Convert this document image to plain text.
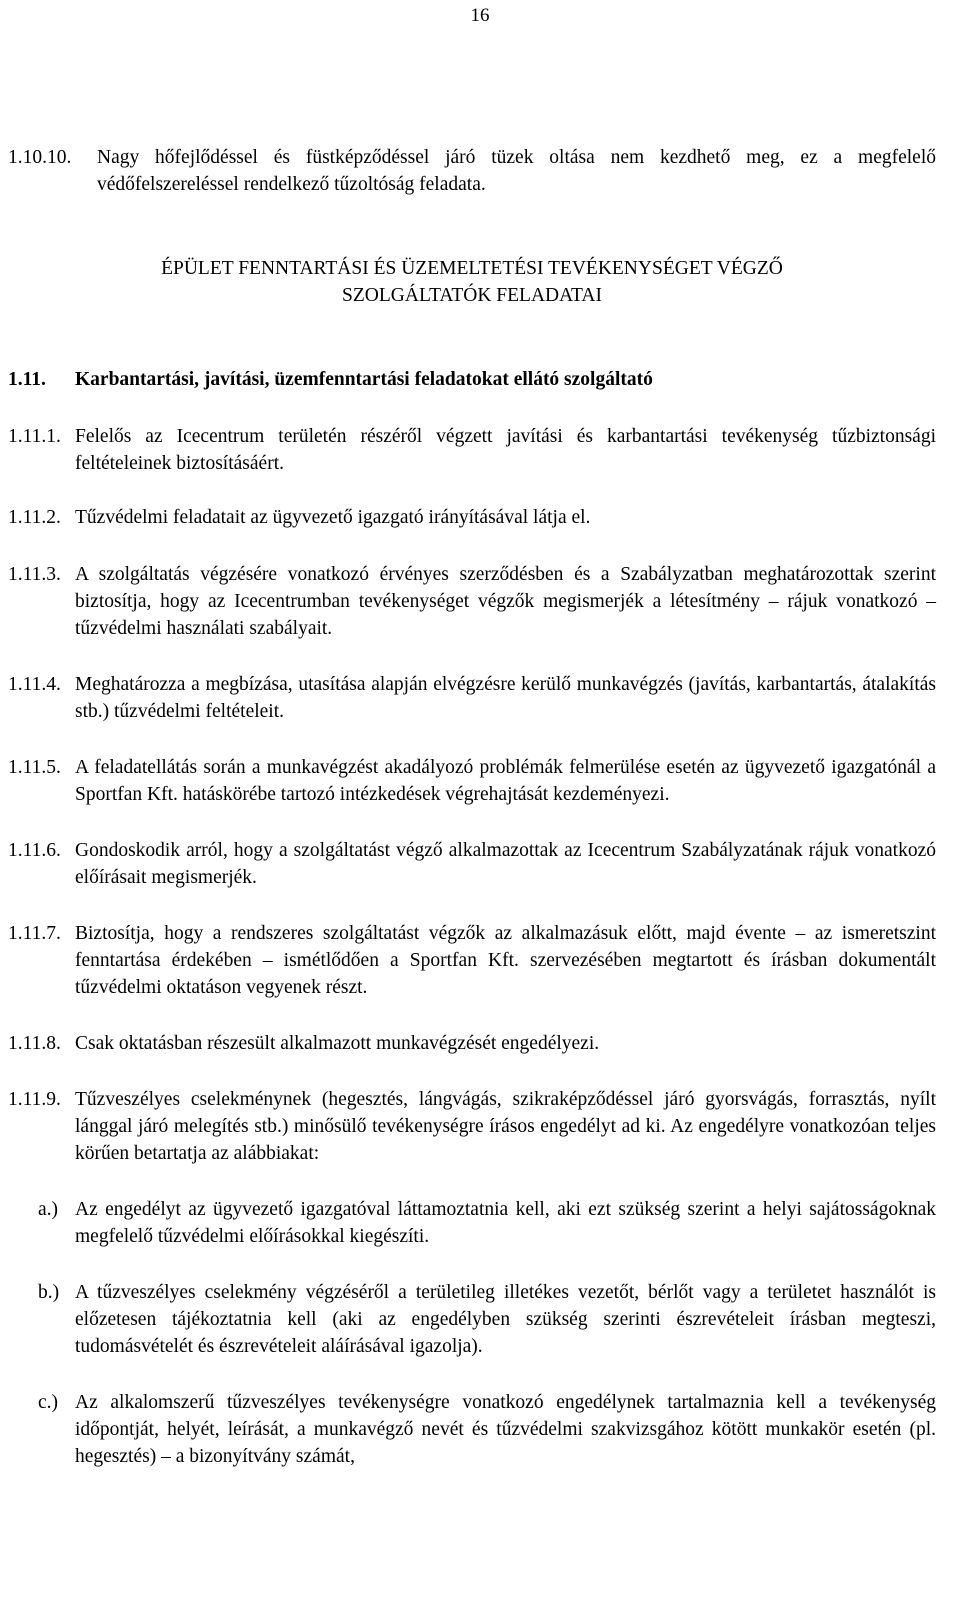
16
1.10.10.	Nagy hőfejlődéssel és füstképződéssel járó tüzek oltása nem kezdhető meg, ez a megfelelő védőfelszereléssel rendelkező tűzoltóság feladata.

ÉPÜLET FENNTARTÁSI ÉS ÜZEMELTETÉSI TEVÉKENYSÉGET VÉGZŐ

SZOLGÁLTATÓK FELADATAI

1.11.	Karbantartási, javítási, üzemfenntartási feladatokat ellátó szolgáltató
1.11.1. Felelős az Icecentrum területén részéről végzett javítási és karbantartási tevékenység tűzbiztonsági feltételeinek biztosításáért.
1.11.2. Tűzvédelmi feladatait az ügyvezető igazgató irányításával látja el.
1.11.3. A szolgáltatás végzésére vonatkozó érvényes szerződésben és a Szabályzatban meghatározottak szerint biztosítja, hogy az Icecentrumban tevékenységet végzők megismerjék a létesítmény – rájuk vonatkozó – tűzvédelmi használati szabályait.
1.11.4. Meghatározza a megbízása, utasítása alapján elvégzésre kerülő munkavégzés (javítás, karbantartás, átalakítás stb.) tűzvédelmi feltételeit.
1.11.5. A feladatellátás során a munkavégzést akadályozó problémák felmerülése esetén az ügyvezető igazgatónál a Sportfan Kft. hatáskörébe tartozó intézkedések végrehajtását kezdeményezi.
1.11.6. Gondoskodik arról, hogy a szolgáltatást végző alkalmazottak az Icecentrum Szabályzatának rájuk vonatkozó előírásait megismerjék.
1.11.7. Biztosítja, hogy a rendszeres szolgáltatást végzők az alkalmazásuk előtt, majd évente – az ismeretszint fenntartása érdekében – ismétlődően a Sportfan Kft. szervezésében megtartott és írásban dokumentált tűzvédelmi oktatáson vegyenek részt.
1.11.8. Csak oktatásban részesült alkalmazott munkavégzését engedélyezi.
1.11.9. Tűzveszélyes cselekménynek (hegesztés, lángvágás, szikraképződéssel járó gyorsvágás, forrasztás, nyílt lánggal járó melegítés stb.) minősülő tevékenységre írásos engedélyt ad ki. Az engedélyre vonatkozóan teljes körűen betartatja az alábbiakat:
a.) Az engedélyt az ügyvezető igazgatóval láttamoztatnia kell, aki ezt szükség szerint a helyi sajátosságoknak megfelelő tűzvédelmi előírásokkal kiegészíti.
b.) A tűzveszélyes cselekmény végzéséről a területileg illetékes vezetőt, bérlőt vagy a területet használót is előzetesen tájékoztatnia kell (aki az engedélyben szükség szerinti észrevételeit írásban megteszi, tudomásvételét és észrevételeit aláírásával igazolja).
c.) Az alkalomszerű tűzveszélyes tevékenységre vonatkozó engedélynek tartalmaznia kell a tevékenység időpontját, helyét, leírását, a munkavégző nevét és tűzvédelmi szakvizsgához kötött munkakör esetén (pl. hegesztés) – a bizonyítvány számát,
